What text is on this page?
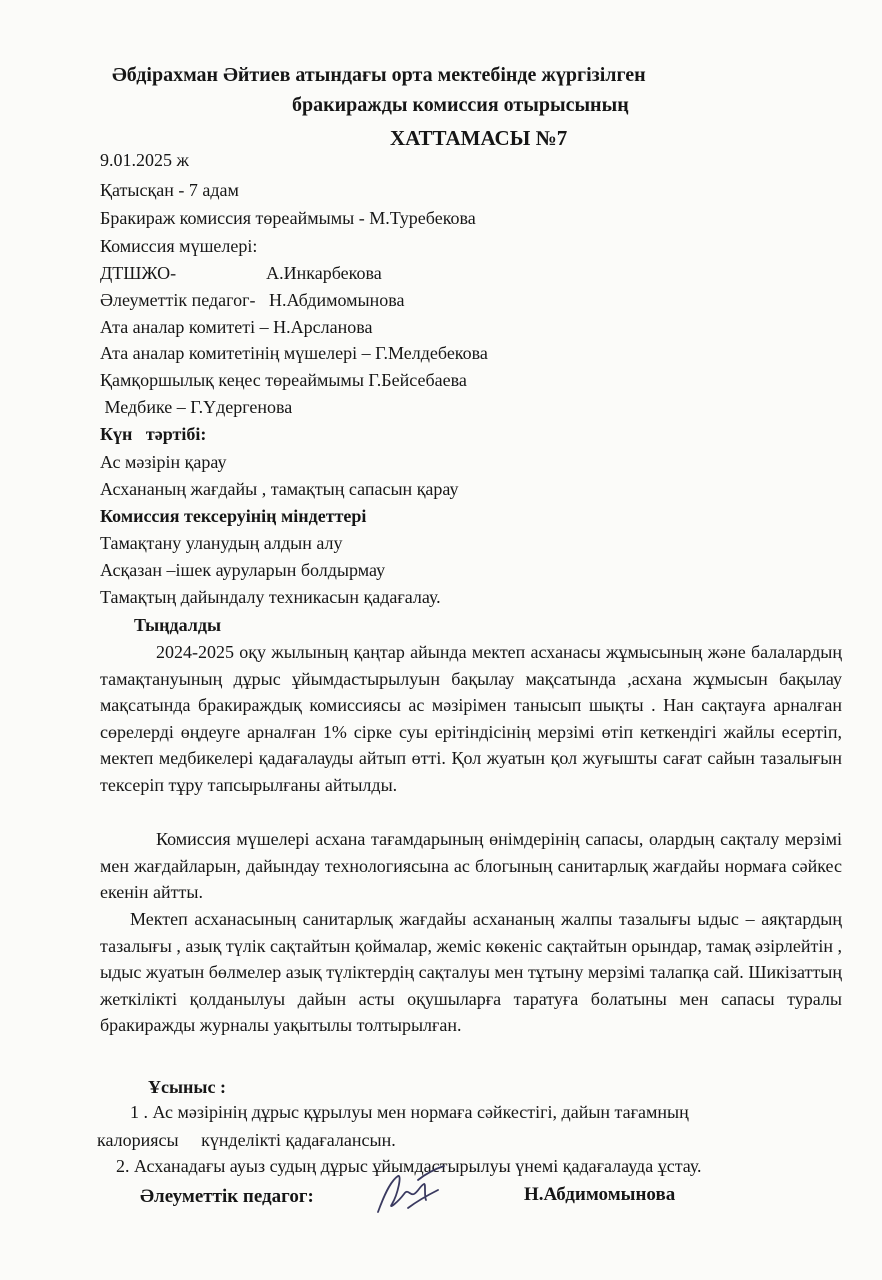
Әбдірахман Әйтиев атындағы орта мектебінде жүргізілген
бракиражды комиссия отырысының
ХАТТАМАСЫ №7
9.01.2025 ж
Қатысқан - 7 адам
Бракираж комиссия төреаймымы - М.Туребекова
Комиссия мүшелері:
ДТШЖО-                    А.Инкарбекова
Әлеуметтік педагог-   Н.Абдимомынова
Ата аналар комитеті – Н.Арсланова
Ата аналар комитетінің мүшелері – Г.Мелдебекова
Қамқоршылық кеңес төреаймымы Г.Бейсебаева
Медбике – Г.Үдергенова
Күн   тәртібі:
Ас мәзірін қарау
Асхананың жағдайы , тамақтың сапасын қарау
Комиссия тексеруінің міндеттері
Тамақтану уланудың алдын алу
Асқазан –ішек ауруларын болдырмау
Тамақтың дайындалу техникасын қадағалау.
Тыңдалды
2024-2025 оқу жылының қаңтар айында мектеп асханасы жұмысының және балалардың тамақтануының дұрыс ұйымдастырылуын бақылау мақсатында ,асхана жұмысын бақылау мақсатында бракираждық комиссиясы ас мәзірімен танысып шықты . Нан сақтауға арналған сөрелерді өңдеуге арналған 1% сірке суы ерітіндісінің мерзімі өтіп кеткендігі жайлы есертіп, мектеп медбикелері қадағалауды айтып өтті. Қол жуатын қол жуғышты сағат сайын тазалығын тексеріп тұру тапсырылғаны айтылды.
Комиссия мүшелері асхана тағамдарының өнімдерінің сапасы, олардың сақталу мерзімі мен жағдайларын, дайындау технологиясына ас блогының санитарлық жағдайы нормаға сәйкес екенін айтты.
Мектеп асханасының санитарлық жағдайы асхананың жалпы тазалығы ыдыс – аяқтардың тазалығы , азық түлік сақтайтын қоймалар, жеміс көкеніс сақтайтын орындар, тамақ әзірлейтін , ыдыс жуатын бөлмелер азық түліктердің сақталуы мен тұтыну мерзімі талапқа сай. Шикізаттың жеткілікті қолданылуы дайын асты оқушыларға таратуға болатыны мен сапасы туралы бракиражды журналы уақытылы толтырылған.
Ұсыныс :
1 . Ас мәзірінің дұрыс құрылуы мен нормаға сәйкестігі, дайын тағамның
калориясы     күнделікті қадағалансын.
2. Асханадағы ауыз судың дұрыс ұйымдастырылуы үнемі қадағалауда ұстау.
Әлеуметтік педагог:	Н.Абдимомынова
